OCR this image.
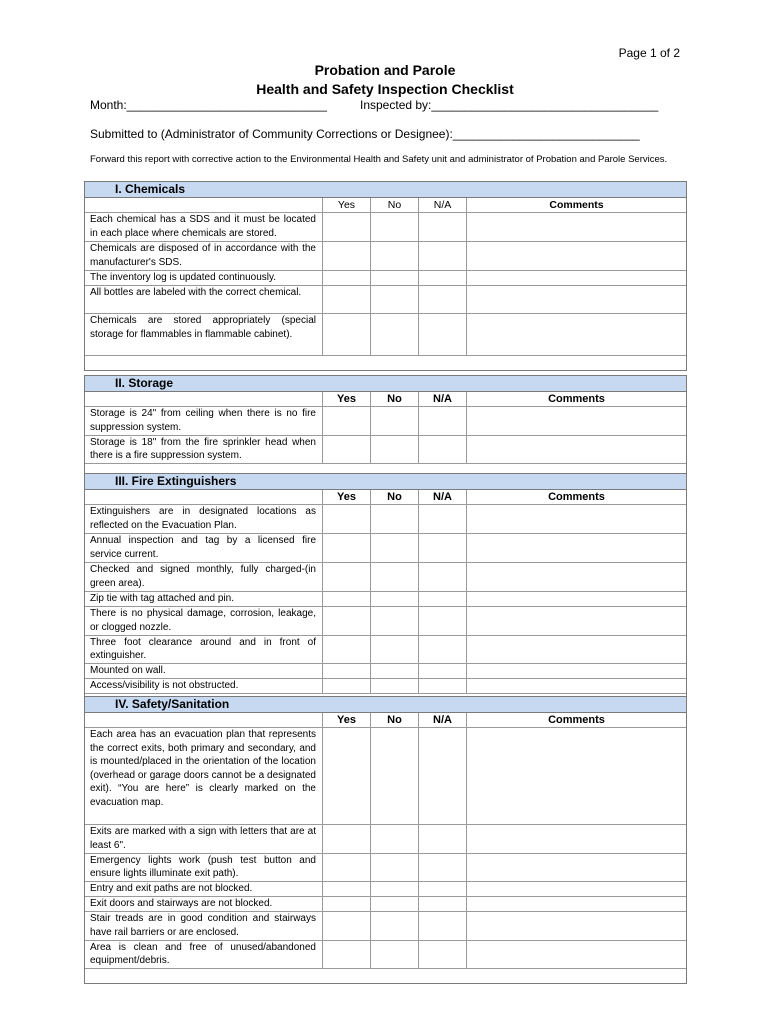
Page 1 of 2
Probation and Parole
Health and Safety Inspection Checklist
Month:______________________________	Inspected by:__________________________________
Submitted to (Administrator of Community Corrections or Designee):____________________________
Forward this report with corrective action to the Environmental Health and Safety unit and administrator of Probation and Parole Services.
I. Chemicals
Yes	No	N/A	Comments
Each chemical has a SDS and it must be located in each place where chemicals are stored.
Chemicals are disposed of in accordance with the manufacturer's SDS.
The inventory log is updated continuously.
All bottles are labeled with the correct chemical.
Chemicals are stored appropriately (special storage for flammables in flammable cabinet).
II. Storage
Yes	No	N/A	Comments
Storage is 24" from ceiling when there is no fire suppression system.
Storage is 18" from the fire sprinkler head when there is a fire suppression system.
III. Fire Extinguishers
Yes	No	N/A	Comments
Extinguishers are in designated locations as reflected on the Evacuation Plan.
Annual inspection and tag by a licensed fire service current.
Checked and signed monthly, fully charged-(in green area).
Zip tie with tag attached and pin.
There is no physical damage, corrosion, leakage, or clogged nozzle.
Three foot clearance around and in front of extinguisher.
Mounted on wall.
Access/visibility is not obstructed.
IV. Safety/Sanitation
Yes	No	N/A	Comments
Each area has an evacuation plan that represents the correct exits, both primary and secondary, and is mounted/placed in the orientation of the location (overhead or garage doors cannot be a designated exit). “You are here” is clearly marked on the evacuation map.
Exits are marked with a sign with letters that are at least 6".
Emergency lights work (push test button and ensure lights illuminate exit path).
Entry and exit paths are not blocked.
Exit doors and stairways are not blocked.
Stair treads are in good condition and stairways have rail barriers or are enclosed.
Area is clean and free of unused/abandoned equipment/debris.
